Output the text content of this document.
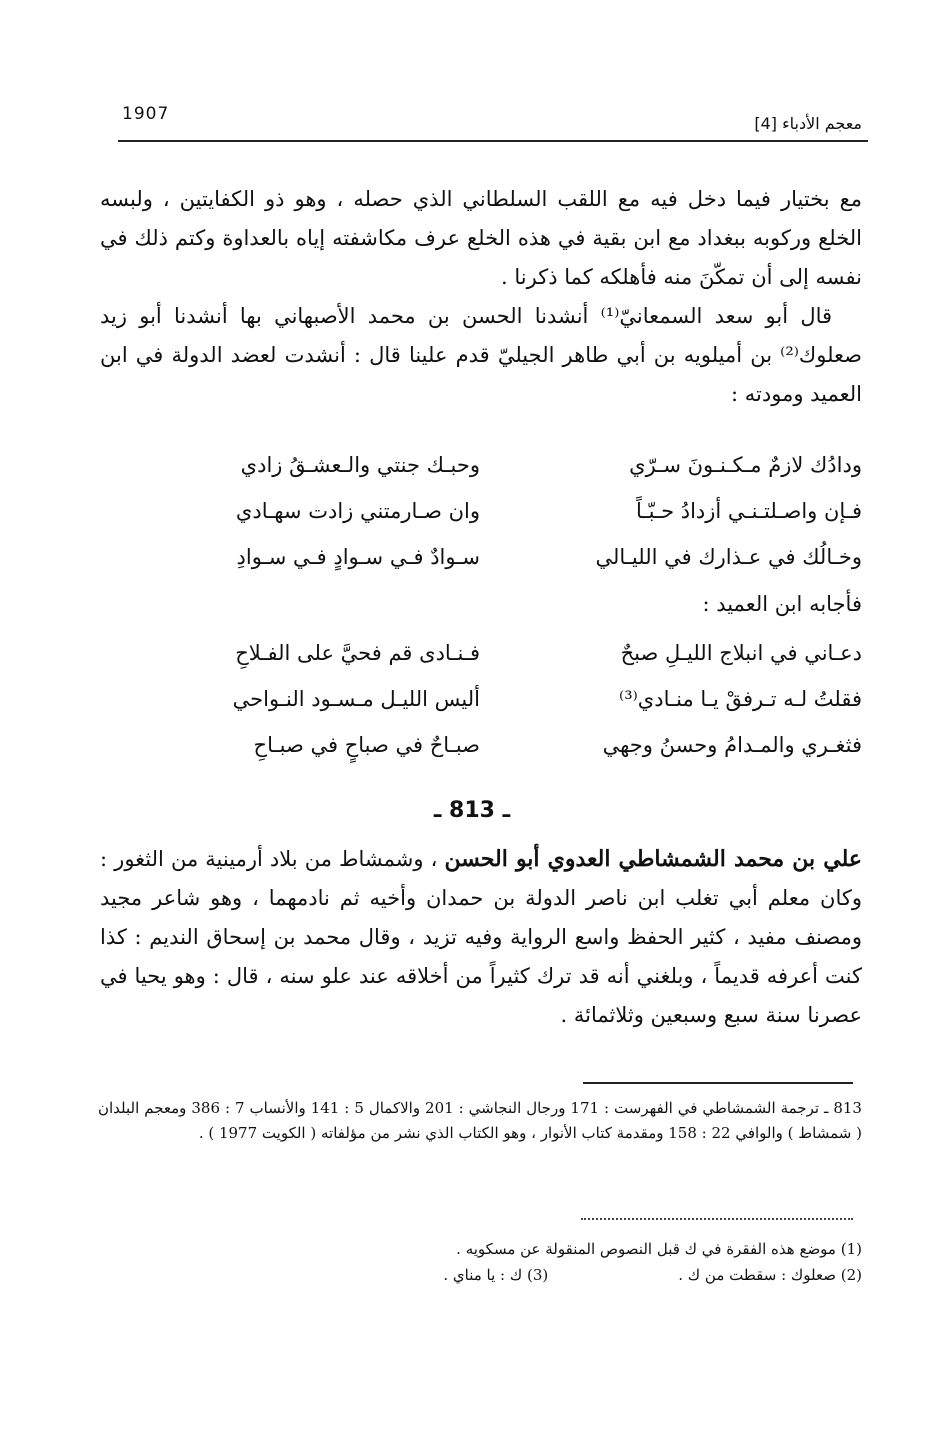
1907	معجم الأدباء [4]

مع بختيار فيما دخل فيه مع اللقب السلطاني الذي حصله ، وهو ذو الكفايتين ، ولبسه الخلع وركوبه ببغداد مع ابن بقية في هذه الخلع عرف مكاشفته إياه بالعداوة وكتم ذلك في نفسه إلى أن تمكّنَ منه فأهلكه كما ذكرنا .

قال أبو سعد السمعانيّ⁽¹⁾ أنشدنا الحسن بن محمد الأصبهاني بها أنشدنا أبو زيد صعلوك⁽²⁾ بن أميلويه بن أبي طاهر الجيليّ قدم علينا قال : أنشدت لعضد الدولة في ابن العميد ومودته :

ودادُك لازمٌ مـكـنـونَ سـرّي
وحبـك جنتي والـعشـقُ زادي
فـإن واصـلتـنـي أزدادُ حـبّـاً
وان صـارمتني زادت سهـادي
وخـالُك في عـذارك في الليـالي
سـوادٌ فـي سـوادٍ فـي سـوادِ
فأجابه ابن العميد :
دعـاني في انبلاج الليـلِ صبحٌ
فـنـادى قم فحيَّ على الفـلاحِ
فقلتُ لـه تـرفقْ يـا منـادي⁽³⁾
أليس الليـل مـسـود النـواحي
فثغـري والمـدامُ وحسنُ وجهي
صبـاحٌ في صباحٍ في صبـاحِ
ـ 813 ـ

علي بن محمد الشمشاطي العدوي أبو الحسن ، وشمشاط من بلاد أرمينية من الثغور : وكان معلم أبي تغلب ابن ناصر الدولة بن حمدان وأخيه ثم نادمهما ، وهو شاعر مجيد ومصنف مفيد ، كثير الحفظ واسع الرواية وفيه تزيد ، وقال محمد بن إسحاق النديم : كذا كنت أعرفه قديماً ، وبلغني أنه قد ترك كثيراً من أخلاقه عند علو سنه ، قال : وهو يحيا في عصرنا سنة سبع وسبعين وثلاثمائة .

813 ـ ترجمة الشمشاطي في الفهرست : 171 ورجال النجاشي : 201 والاكمال 5 : 141 والأنساب 7 : 386 ومعجم البلدان ( شمشاط ) والوافي 22 : 158 ومقدمة كتاب الأنوار ، وهو الكتاب الذي نشر من مؤلفاته ( الكويت 1977 ) .
(1) موضع هذه الفقرة في ك قبل النصوص المنقولة عن مسكويه .
(2) صعلوك : سقطت من ك .
(3) ك : يا مناي .
